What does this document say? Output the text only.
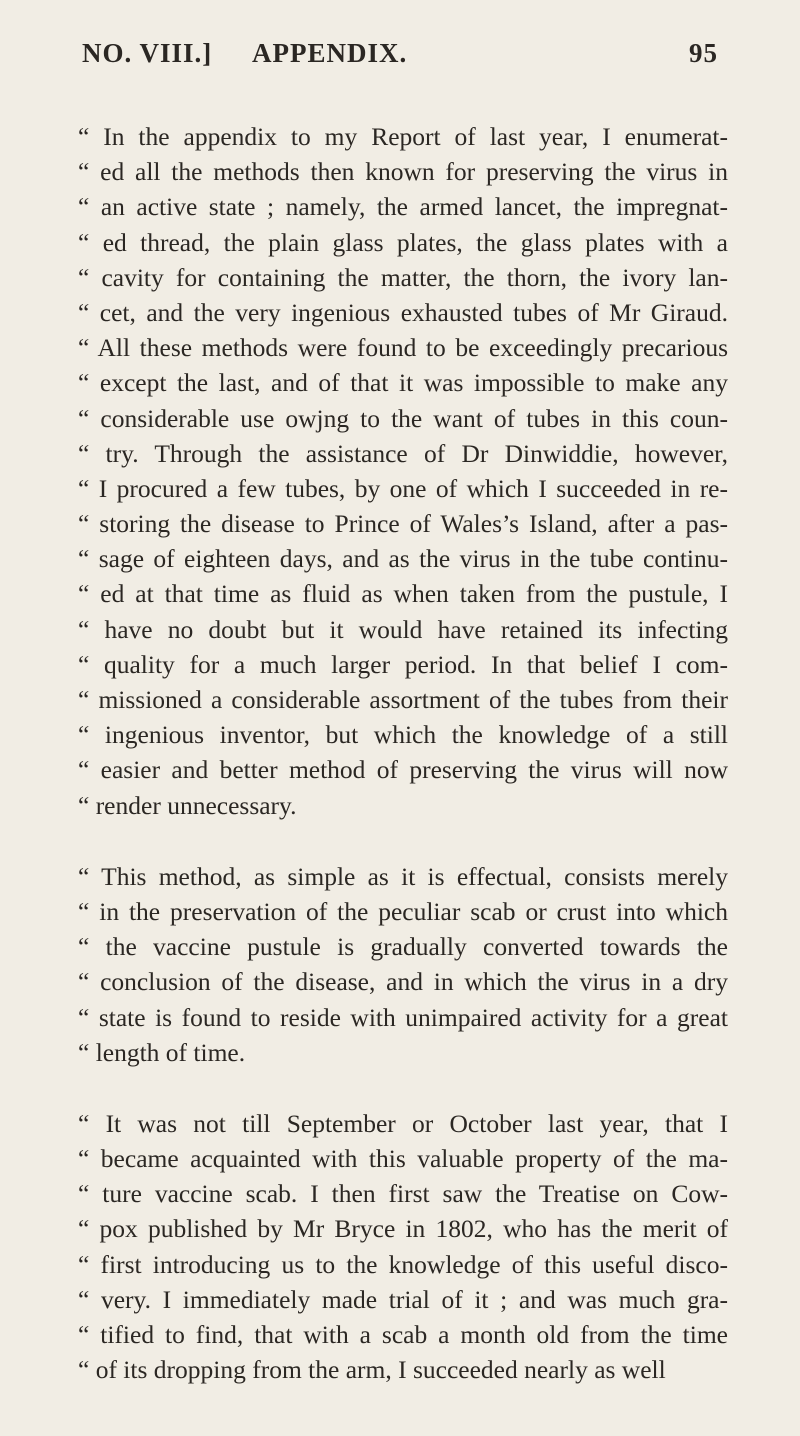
NO. VIII.] APPENDIX.	95
“ In the appendix to my Report of last year, I enumerat-
“ ed all the methods then known for preserving the virus in
“ an active state ; namely, the armed lancet, the impregnat-
“ ed thread, the plain glass plates, the glass plates with a
“ cavity for containing the matter, the thorn, the ivory lan-
“ cet, and the very ingenious exhausted tubes of Mr Giraud.
“ All these methods were found to be exceedingly precarious
“ except the last, and of that it was impossible to make any
“ considerable use owjng to the want of tubes in this coun-
“ try. Through the assistance of Dr Dinwiddie, however,
“ I procured a few tubes, by one of which I succeeded in re-
“ storing the disease to Prince of Wales’s Island, after a pas-
“ sage of eighteen days, and as the virus in the tube continu-
“ ed at that time as fluid as when taken from the pustule, I
“ have no doubt but it would have retained its infecting
“ quality for a much larger period. In that belief I com-
“ missioned a considerable assortment of the tubes from their
“ ingenious inventor, but which the knowledge of a still
“ easier and better method of preserving the virus will now
“ render unnecessary.
“ This method, as simple as it is effectual, consists merely
“ in the preservation of the peculiar scab or crust into which
“ the vaccine pustule is gradually converted towards the
“ conclusion of the disease, and in which the virus in a dry
“ state is found to reside with unimpaired activity for a great
“ length of time.
“ It was not till September or October last year, that I
“ became acquainted with this valuable property of the ma-
“ ture vaccine scab. I then first saw the Treatise on Cow-
“ pox published by Mr Bryce in 1802, who has the merit of
“ first introducing us to the knowledge of this useful disco-
“ very. I immediately made trial of it ; and was much gra-
“ tified to find, that with a scab a month old from the time
“ of its dropping from the arm, I succeeded nearly as well
